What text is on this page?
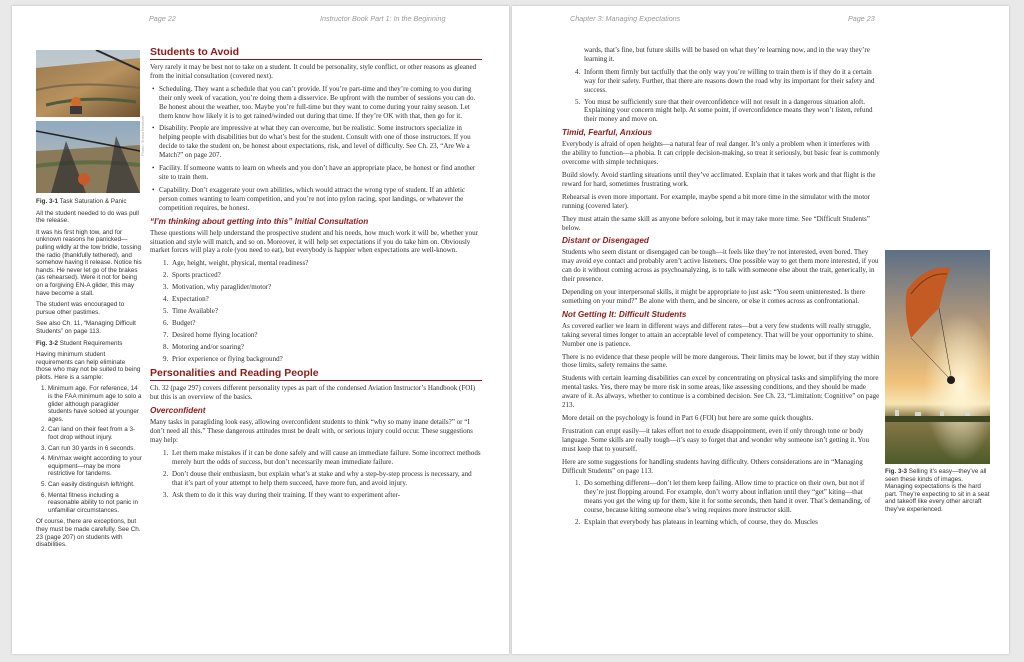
Page 22	Instructor Book Part 1: In the Beginning
Photo: Sheila Reinhart

Fig. 3-1 Task Saturation & Panic

All the student needed to do was pull the release.

It was his first high tow, and for unknown reasons he panicked—pulling wildly at the tow bridle, tossing the radio (thankfully tethered), and somehow having it release. Notice his hands. He never let go of the brakes (as rehearsed). Were it not for being on a forgiving EN-A glider, this may have become a stall.

The student was encouraged to pursue other pastimes.

See also Ch. 11, “Managing Difficult Students” on page 113.

Fig. 3-2 Student Requirements

Having minimum student requirements can help eliminate those who may not be suited to being pilots. Here is a sample:

1. Minimum age. For reference, 14 is the FAA minimum age to solo a glider although paraglider students have soloed at younger ages.
2. Can land on their feet from a 3-foot drop without injury.
3. Can run 30 yards in 6 seconds.
4. Min/max weight according to your equipment—may be more restrictive for tandems.
5. Can easily distinguish left/right.
6. Mental fitness including a reasonable ability to not panic in unfamiliar circumstances.

Of course, there are exceptions, but they must be made carefully. See Ch. 23 (page 207) on students with disabilities.

Students to Avoid

Very rarely it may be best not to take on a student. It could be personality, style conflict, or other reasons as gleaned from the initial consultation (covered next).

• Scheduling. They want a schedule that you can’t provide. If you’re part-time and they’re coming to you during their only week of vacation, you’re doing them a disservice. Be upfront with the number of sessions you can do. Be honest about the weather, too. Maybe you’re full-time but they want to come during your rainy season. Let them know how likely it is to get rained/winded out during that time. If they’re OK with that, then go for it.
• Disability. People are impressive at what they can overcome, but be realistic. Some instructors specialize in helping people with disabilities but do what’s best for the student. Consult with one of those instructors. If you decide to take the student on, be honest about expectations, risk, and level of difficulty. See Ch. 23, “Are We a Match?” on page 207.
• Facility. If someone wants to learn on wheels and you don’t have an appropriate place, be honest or find another site to train them.
• Capability. Don’t exaggerate your own abilities, which would attract the wrong type of student. If an athletic person comes wanting to learn competition, and you’re not into pylon racing, spot landings, or whatever the competition requires, be honest.
“I’m thinking about getting into this” Initial Consultation

These questions will help understand the prospective student and his needs, how much work it will be, whether your situation and style will match, and so on. Moreover, it will help set expectations if you do take him on. Obviously market forces will play a role (you need to eat), but everybody is happier when expectations are well-known.

1. Age, height, weight, physical, mental readiness?
2. Sports practiced?
3. Motivation, why paraglider/motor?
4. Expectation?
5. Time Available?
6. Budget?
7. Desired home flying location?
8. Motoring and/or soaring?
9. Prior experience or flying background?
Personalities and Reading People

Ch. 32 (page 297) covers different personality types as part of the condensed Aviation Instructor’s Handbook (FOI) but this is an overview of the basics.

Overconfident

Many tasks in paragliding look easy, allowing overconfident students to think “why so many inane details?” or “I don’t need all this.” These dangerous attitudes must be dealt with, or serious injury could occur. These suggestions may help:

1. Let them make mistakes if it can be done safely and will cause an immediate failure. Some incorrect methods merely hurt the odds of success, but don’t necessarily mean immediate failure.
2. Don’t douse their enthusiasm, but explain what’s at stake and why a step-by-step process is necessary, and that it’s part of your attempt to help them succeed, have more fun, and avoid injury.
3. Ask them to do it this way during their training. If they want to experiment after-
Chapter 3: Managing Expectations	Page 23

wards, that’s fine, but future skills will be based on what they’re learning now, and in the way they’re learning it.

4. Inform them firmly but tactfully that the only way you’re willing to train them is if they do it a certain way for their safety. Further, that there are reasons down the road why its important for their safety and success.
5. You must be sufficiently sure that their overconfidence will not result in a dangerous situation aloft. Explaining your concern might help. At some point, if overconfidence means they won’t listen, refund their money and move on.
Timid, Fearful, Anxious

Everybody is afraid of open heights—a natural fear of real danger. It’s only a problem when it interferes with the ability to function—a phobia. It can cripple decision-making, so treat it seriously, but basic fear is commonly overcome with simple techniques.

Build slowly. Avoid startling situations until they’ve acclimated. Explain that it takes work and that flight is the reward for hard, sometimes frustrating work.

Rehearsal is even more important. For example, maybe spend a bit more time in the simulator with the motor running (covered later).

They must attain the same skill as anyone before soloing, but it may take more time. See “Difficult Students” below.

Distant or Disengaged

Students who seem distant or disengaged can be tough—it feels like they’re not interested, even bored. They may avoid eye contact and probably aren’t active listeners. One possible way to get them more interested, if you can do it without coming across as psychoanalyzing, is to talk with someone else about the trait, generically, in their presence.

Depending on your interpersonal skills, it might be appropriate to just ask: “You seem uninterested. Is there something on your mind?” Be alone with them, and be sincere, or else it comes across as confrontational.

Not Getting It: Difficult Students

As covered earlier we learn in different ways and different rates—but a very few students will really struggle, taking several times longer to attain an acceptable level of competency. That will be your opportunity to shine. Number one is patience.

There is no evidence that these people will be more dangerous. Their limits may be lower, but if they stay within those limits, safety remains the same.

Students with certain learning disabilities can excel by concentrating on physical tasks and simplifying the more mental tasks. Yes, there may be more risk in some areas, like assessing conditions, and they should be made aware of it. As always, whether to continue is a combined decision. See Ch. 23, “Limitation: Cognitive” on page 213.

More detail on the psychology is found in Part 6 (FOI) but here are some quick thoughts.

Frustration can erupt easily—it takes effort not to exude disappointment, even if only through tone or body language. Some skills are really tough—it’s easy to forget that and wonder why someone isn’t getting it. You must keep that to yourself.

Here are some suggestions for handling students having difficulty. Others considerations are in “Managing Difficult Students” on page 113.

1. Do something different—don’t let them keep failing. Allow time to practice on their own, but not if they’re just flopping around. For example, don’t worry about inflation until they “get” kiting—that means you get the wing up for them, kite it for some seconds, then hand it over. That’s demanding, of course, because kiting someone else’s wing requires more instructor skill.
2. Explain that everybody has plateaus in learning which, of course, they do. Muscles

Fig. 3-3 Selling it’s easy—they’ve all seen these kinds of images. Managing expectations is the hard part. They’re expecting to sit in a seat and takeoff like every other aircraft they’ve experienced.
